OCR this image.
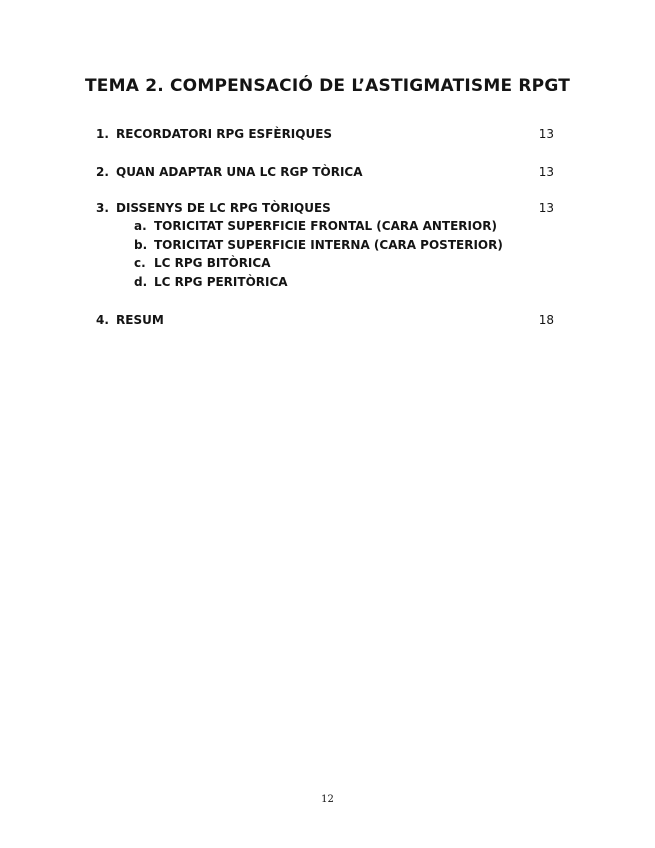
TEMA 2. COMPENSACIÓ DE L’ASTIGMATISME RPGT
1. RECORDATORI RPG ESFÈRIQUES	13
2. QUAN ADAPTAR UNA LC RGP TÒRICA	13
3. DISSENYS DE LC RPG TÒRIQUES	13
a. TORICITAT SUPERFICIE FRONTAL (CARA ANTERIOR)
b. TORICITAT SUPERFICIE INTERNA (CARA POSTERIOR)
c. LC RPG BITÒRICA
d. LC RPG PERITÒRICA
4. RESUM	18
12
